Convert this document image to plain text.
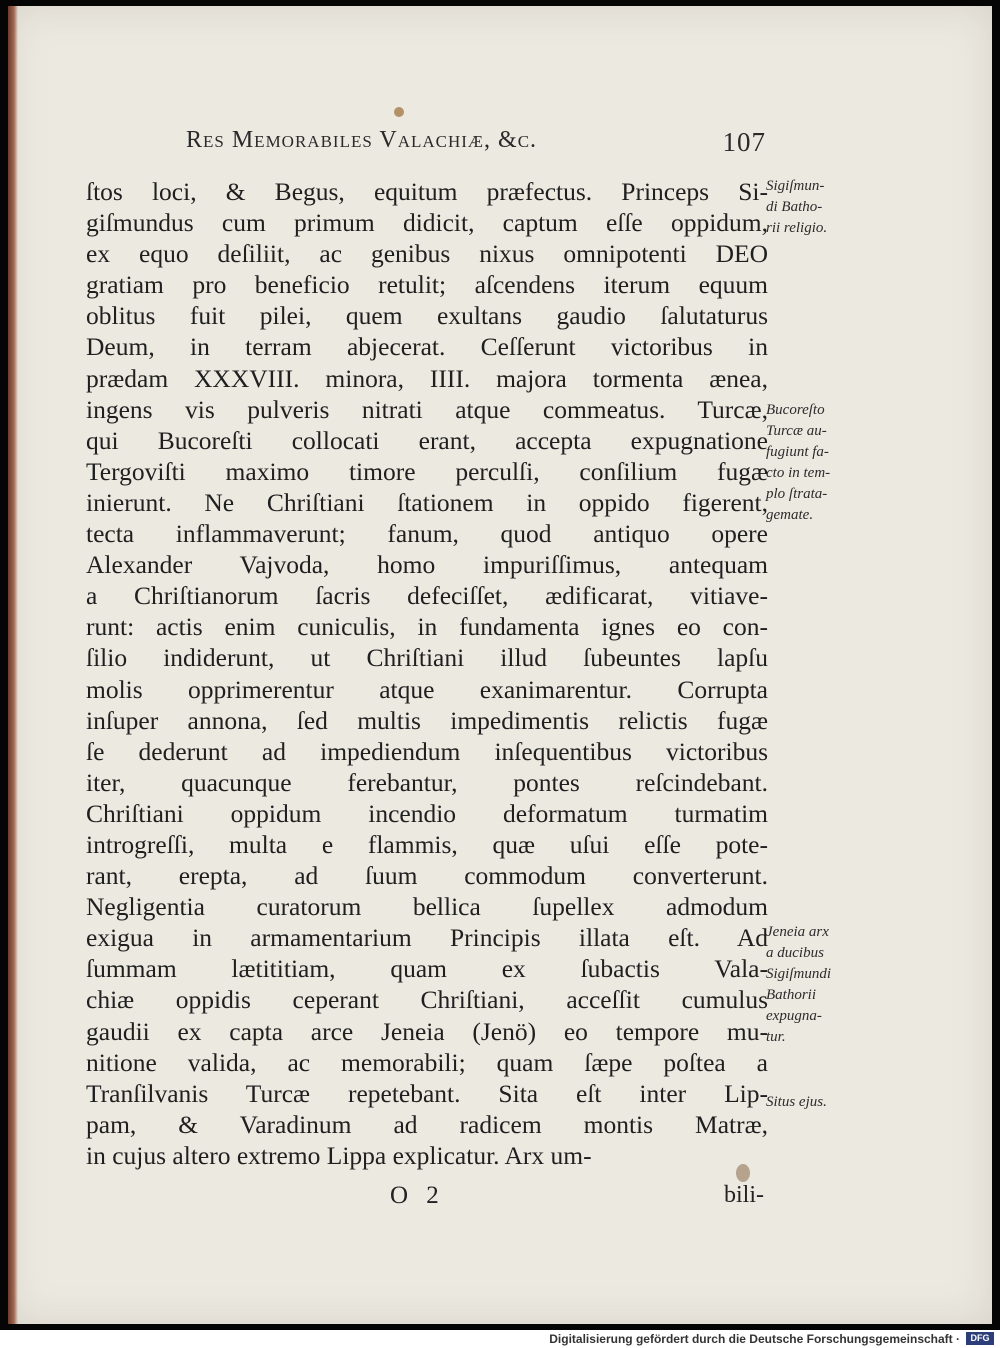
Res Memorabiles Valachiæ, &c.	107
ſtos loci, & Begus, equitum præfectus. Princeps Si-
giſmundus cum primum didicit, captum eſſe oppidum,
ex equo deſiliit, ac genibus nixus omnipotenti DEO
gratiam pro beneficio retulit; aſcendens iterum equum
oblitus fuit pilei, quem exultans gaudio ſalutaturus
Deum, in terram abjecerat. Ceſſerunt victoribus in
prædam XXXVIII. minora, IIII. majora tormenta ænea,
ingens vis pulveris nitrati atque commeatus. Turcæ,
qui Bucoreſti collocati erant, accepta expugnatione
Tergoviſti maximo timore perculſi, conſilium fugæ
inierunt. Ne Chriſtiani ſtationem in oppido figerent,
tecta inflammaverunt; fanum, quod antiquo opere
Alexander Vajvoda, homo impuriſſimus, antequam
a Chriſtianorum ſacris defeciſſet, ædificarat, vitiave-
runt: actis enim cuniculis, in fundamenta ignes eo con-
ſilio indiderunt, ut Chriſtiani illud ſubeuntes lapſu
molis opprimerentur atque exanimarentur. Corrupta
inſuper annona, ſed multis impedimentis relictis fugæ
ſe dederunt ad impediendum inſequentibus victoribus
iter, quacunque ferebantur, pontes reſcindebant.
Chriſtiani oppidum incendio deformatum turmatim
introgreſſi, multa e flammis, quæ uſui eſſe pote-
rant, erepta, ad ſuum commodum converterunt.
Negligentia curatorum bellica ſupellex admodum
exigua in armamentarium Principis illata eſt. Ad
ſummam lætititiam, quam ex ſubactis Vala-
chiæ oppidis ceperant Chriſtiani, acceſſit cumulus
gaudii ex capta arce Jeneia (Jenö) eo tempore mu-
nitione valida, ac memorabili; quam ſæpe poſtea a
Tranſilvanis Turcæ repetebant. Sita eſt inter Lip-
pam, & Varadinum ad radicem montis Matræ,
in cujus altero extremo Lippa explicatur. Arx um-
Sigiſmun-
di Batho-
rii religio.
Bucoreſto
Turcæ au-
fugiunt fa-
cto in tem-
plo ſtrata-
gemate.
Jeneia arx
a ducibus
Sigiſmundi
Bathorii
expugna-
tur.
Situs ejus.
O 2	bili-
Digitalisierung gefördert durch die Deutsche Forschungsgemeinschaft ·	DFG
